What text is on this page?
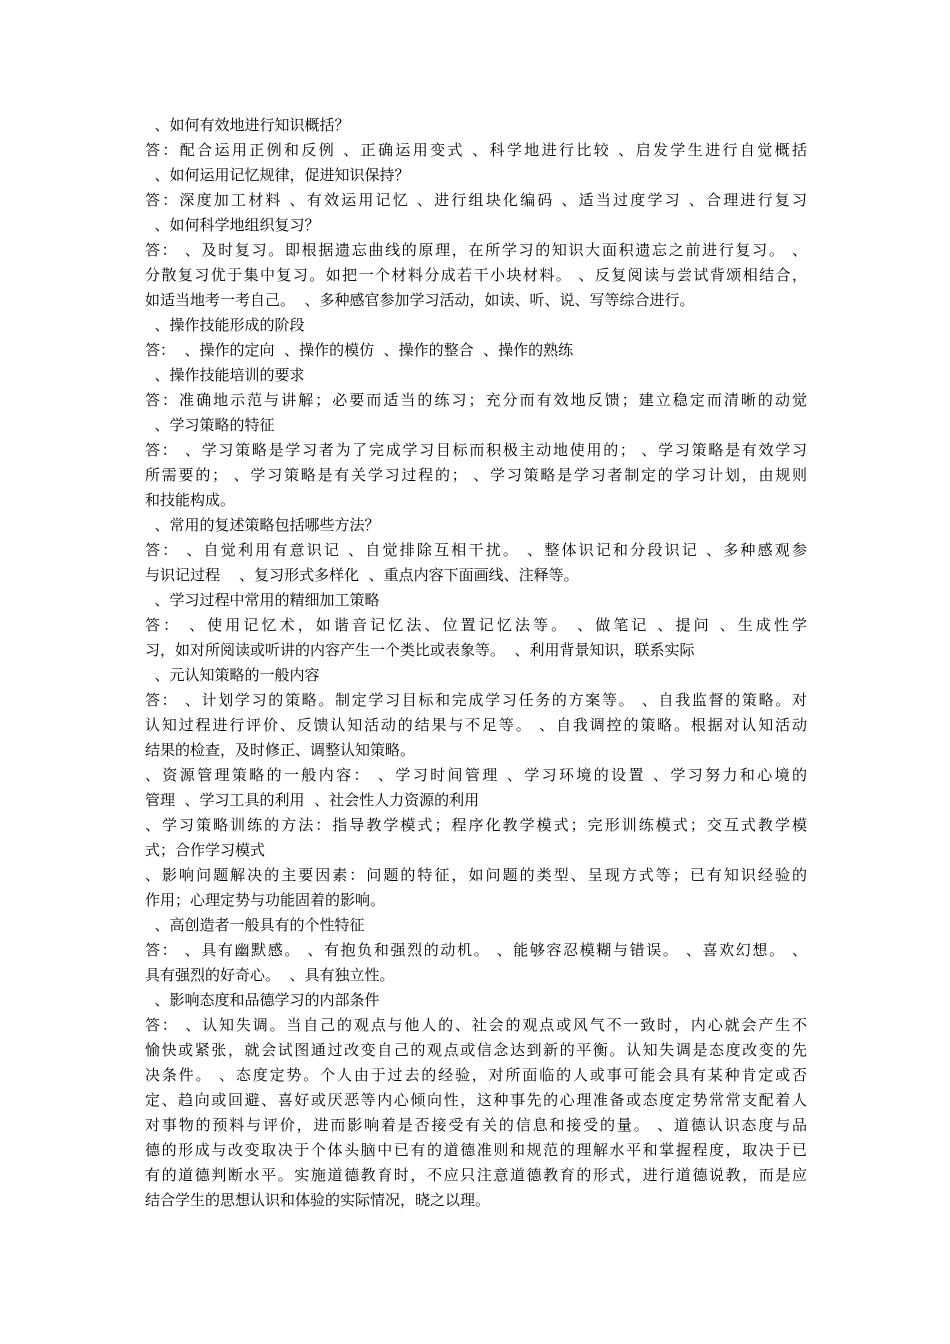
、如何有效地进行知识概括？
答：配合运用正例和反例 、正确运用变式 、科学地进行比较 、启发学生进行自觉概括
、如何运用记忆规律，促进知识保持？
答：深度加工材料 、有效运用记忆 、进行组块化编码 、适当过度学习 、合理进行复习
、如何科学地组织复习？
答： 、及时复习。即根据遗忘曲线的原理，在所学习的知识大面积遗忘之前进行复习。 、
分散复习优于集中复习。如把一个材料分成若干小块材料。 、反复阅读与尝试背颂相结合，
如适当地考一考自己。  、多种感官参加学习活动，如读、听、说、写等综合进行。
、操作技能形成的阶段
答：  、操作的定向  、操作的模仿  、操作的整合  、操作的熟练
、操作技能培训的要求
答：准确地示范与讲解；必要而适当的练习；充分而有效地反馈；建立稳定而清晰的动觉
、学习策略的特征
答： 、学习策略是学习者为了完成学习目标而积极主动地使用的； 、学习策略是有效学习
所需要的； 、学习策略是有关学习过程的； 、学习策略是学习者制定的学习计划，由规则
和技能构成。
、常用的复述策略包括哪些方法？
答： 、自觉利用有意识记 、自觉排除互相干扰。 、整体识记和分段识记 、多种感观参
与识记过程    、复习形式多样化  、重点内容下面画线、注释等。
、学习过程中常用的精细加工策略
答： 、使用记忆术，如谐音记忆法、位置记忆法等。 、做笔记 、提问 、生成性学
习，如对所阅读或听讲的内容产生一个类比或表象等。  、利用背景知识，联系实际
、元认知策略的一般内容
答： 、计划学习的策略。制定学习目标和完成学习任务的方案等。 、自我监督的策略。对
认知过程进行评价、反馈认知活动的结果与不足等。 、自我调控的策略。根据对认知活动
结果的检查，及时修正、调整认知策略。
、资源管理策略的一般内容： 、学习时间管理 、学习环境的设置 、学习努力和心境的
管理  、学习工具的利用  、社会性人力资源的利用
、学习策略训练的方法：指导教学模式；程序化教学模式；完形训练模式；交互式教学模
式；合作学习模式
、影响问题解决的主要因素：问题的特征，如问题的类型、呈现方式等；已有知识经验的
作用；心理定势与功能固着的影响。
、高创造者一般具有的个性特征
答： 、具有幽默感。 、有抱负和强烈的动机。 、能够容忍模糊与错误。 、喜欢幻想。 、
具有强烈的好奇心。  、具有独立性。
、影响态度和品德学习的内部条件
答： 、认知失调。当自己的观点与他人的、社会的观点或风气不一致时，内心就会产生不
愉快或紧张，就会试图通过改变自己的观点或信念达到新的平衡。认知失调是态度改变的先
决条件。 、态度定势。个人由于过去的经验，对所面临的人或事可能会具有某种肯定或否
定、趋向或回避、喜好或厌恶等内心倾向性，这种事先的心理准备或态度定势常常支配着人
对事物的预料与评价，进而影响着是否接受有关的信息和接受的量。 、道德认识态度与品
德的形成与改变取决于个体头脑中已有的道德准则和规范的理解水平和掌握程度，取决于已
有的道德判断水平。实施道德教育时，不应只注意道德教育的形式，进行道德说教，而是应
结合学生的思想认识和体验的实际情况，晓之以理。
